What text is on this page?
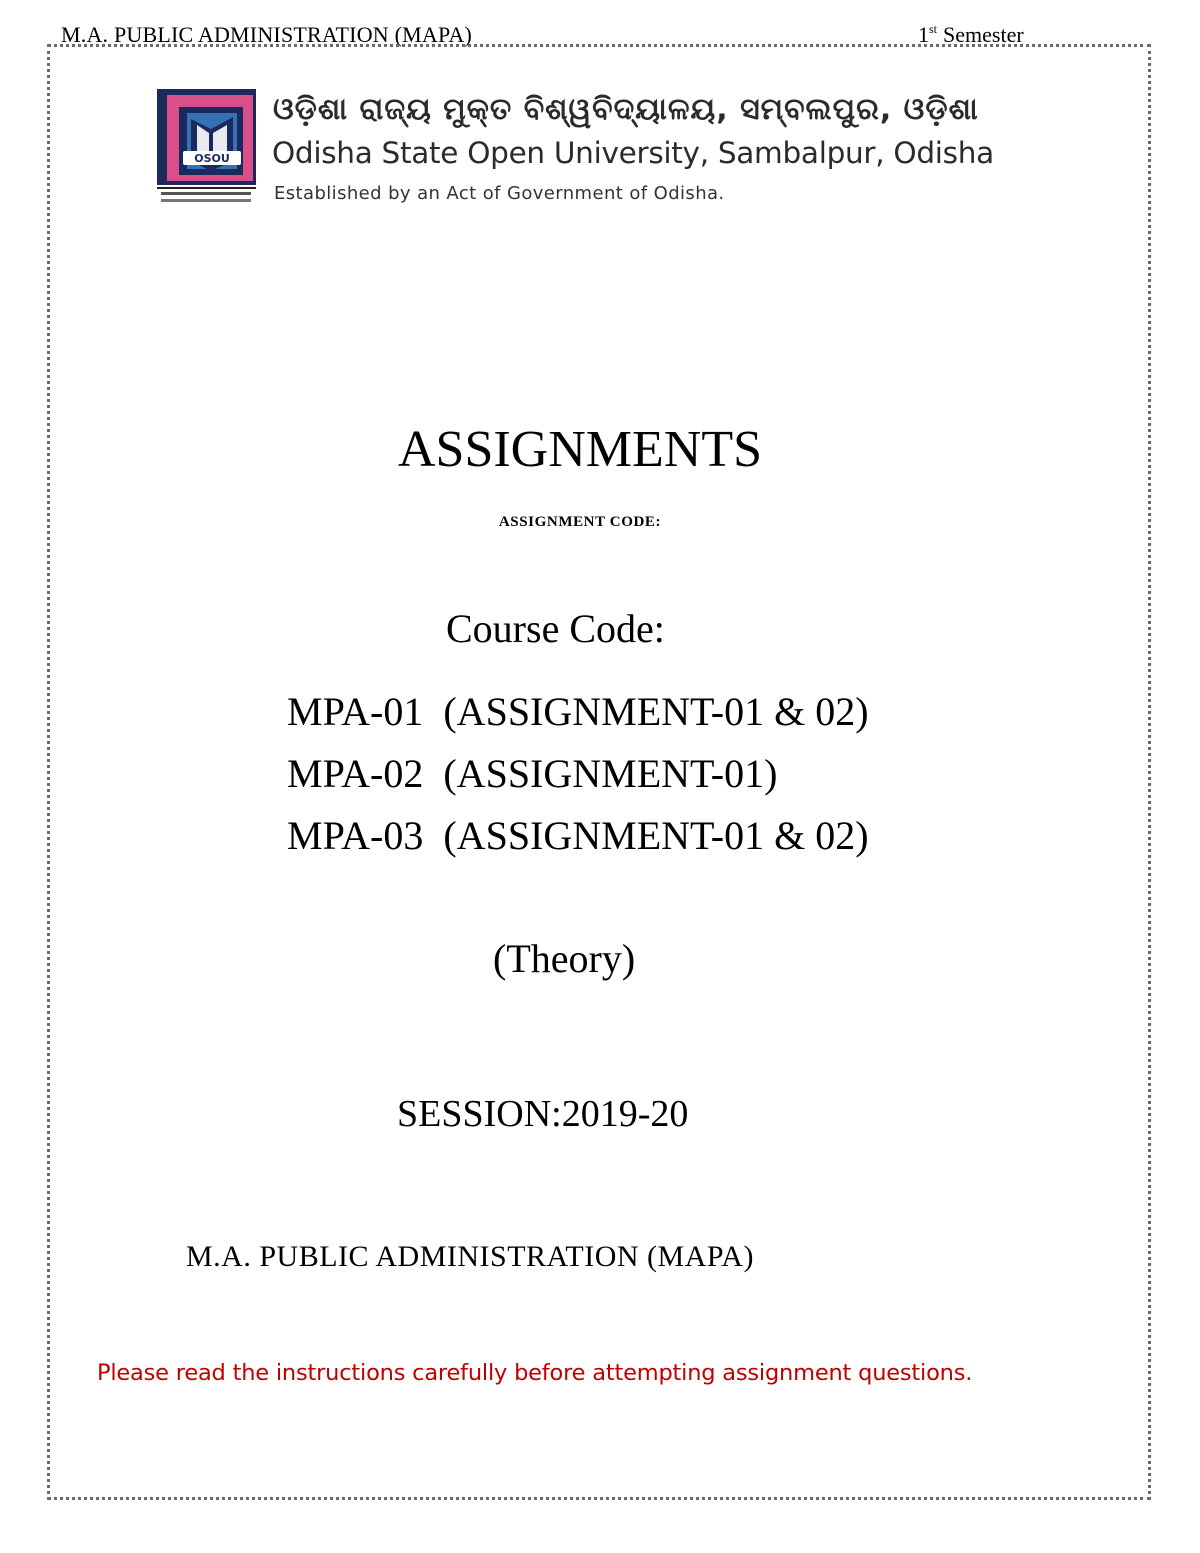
M.A. PUBLIC ADMINISTRATION (MAPA)	1st Semester
OSOU
ଓଡ଼ିଶା ରାଜ୍ୟ ମୁକ୍ତ ବିଶ୍ୱବିଦ୍ୟାଳୟ, ସମ୍ବଲପୁର, ଓଡ଼ିଶା
Odisha State Open University, Sambalpur, Odisha
Established by an Act of Government of Odisha.
ASSIGNMENTS
ASSIGNMENT CODE:
Course Code:
MPA-01 (ASSIGNMENT-01 & 02)
MPA-02 (ASSIGNMENT-01)
MPA-03 (ASSIGNMENT-01 & 02)
(Theory)
SESSION:2019-20
M.A. PUBLIC ADMINISTRATION (MAPA)
Please read the instructions carefully before attempting assignment questions.
